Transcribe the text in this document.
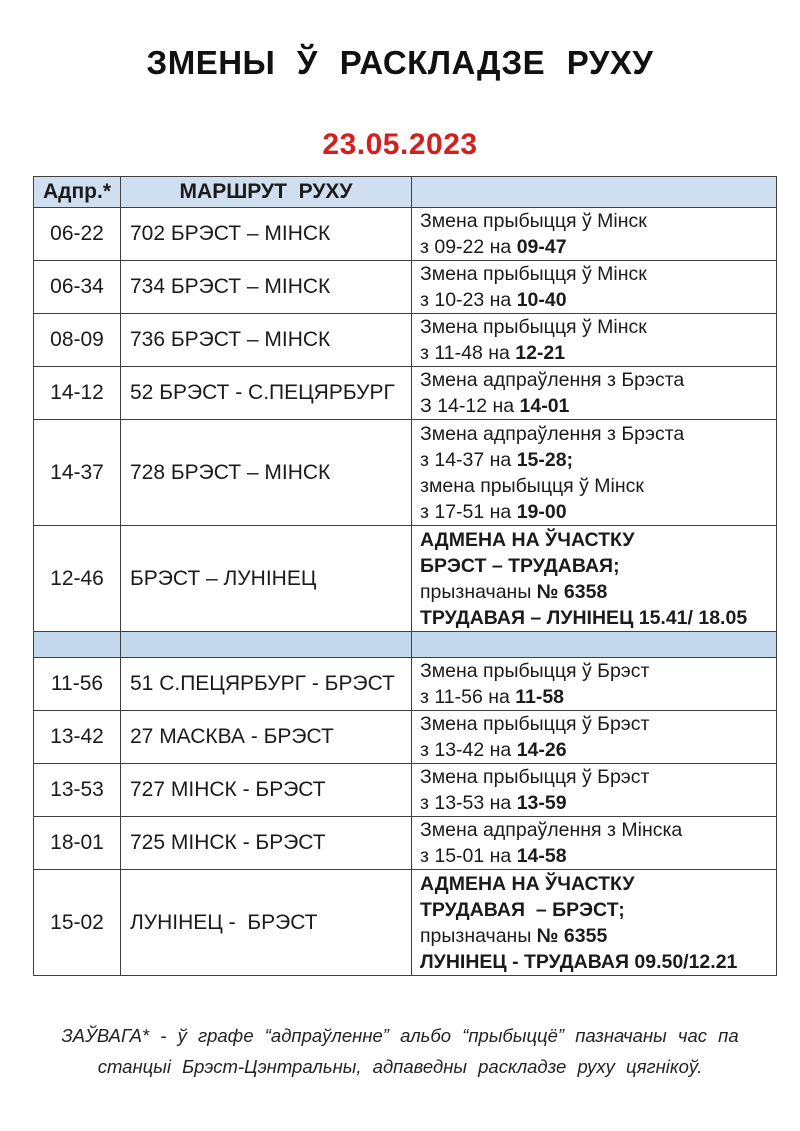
ЗМЕНЫ Ў РАСКЛАДЗЕ РУХУ
23.05.2023
Адпр.*	МАРШРУТ  РУХУ	
06-22	702 БРЭСТ – МІНСК	Змена прыбыцця ў Мінск
з 09-22 на 09-47

06-34	734 БРЭСТ – МІНСК	Змена прыбыцця ў Мінск
з 10-23 на 10-40

08-09	736 БРЭСТ – МІНСК	Змена прыбыцця ў Мінск
з 11-48 на 12-21

14-12	52 БРЭСТ - С.ПЕЦЯРБУРГ	Змена адпраўлення з Брэста
З 14-12 на 14-01

14-37	728 БРЭСТ – МІНСК	Змена адпраўлення з Брэста
з 14-37 на 15-28;
змена прыбыцця ў Мінск
з 17-51 на 19-00

12-46	БРЭСТ – ЛУНІНЕЦ	АДМЕНА НА ЎЧАСТКУ
БРЭСТ – ТРУДАВАЯ;
прызначаны № 6358
ТРУДАВАЯ – ЛУНІНЕЦ 15.41/ 18.05

11-56	51 С.ПЕЦЯРБУРГ - БРЭСТ	Змена прыбыцця ў Брэст
з 11-56 на 11-58

13-42	27 МАСКВА - БРЭСТ	Змена прыбыцця ў Брэст
з 13-42 на 14-26

13-53	727 МІНСК - БРЭСТ	Змена прыбыцця ў Брэст
з 13-53 на 13-59

18-01	725 МІНСК - БРЭСТ	Змена адпраўлення з Мінска
з 15-01 на 14-58

15-02	ЛУНІНЕЦ -  БРЭСТ	АДМЕНА НА ЎЧАСТКУ
ТРУДАВАЯ  – БРЭСТ;
прызначаны № 6355
ЛУНІНЕЦ - ТРУДАВАЯ 09.50/12.21
ЗАЎВАГА* - ў графе “адпраўленне” альбо “прыбыццё” пазначаны час па
станцыі Брэст-Цэнтральны, адпаведны раскладзе руху цягнікоў.
